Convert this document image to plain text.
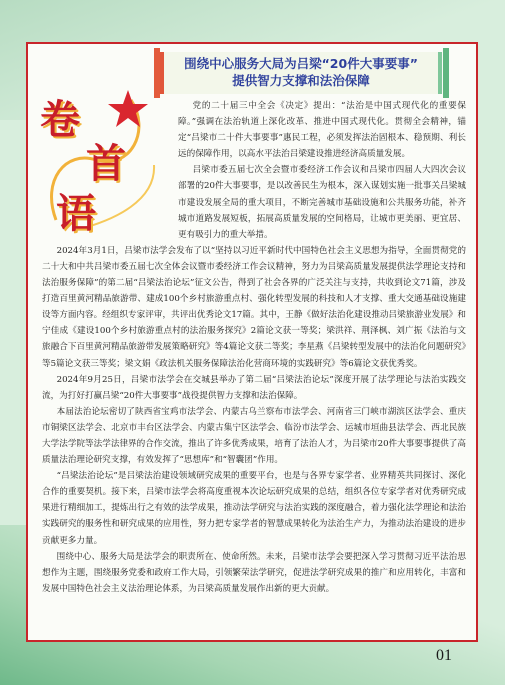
围绕中心服务大局为吕梁“20件大事要事”
提供智力支撑和法治保障
卷
首
语

党的二十届三中全会《决定》提出：“法治是中国式现代化的重要保障。”强调在法治轨道上深化改革、推进中国式现代化。贯彻全会精神，锚定“吕梁市二十件大事要事”惠民工程，必须发挥法治固根本、稳预期、利长远的保障作用，以高水平法治吕梁建设推进经济高质量发展。

吕梁市委五届七次全会暨市委经济工作会议和吕梁市四届人大四次会议部署的20件大事要事，是以改善民生为根本，深入谋划实施一批事关吕梁城市建设发展全局的重大项目，不断完善城市基础设施和公共服务功能，补齐城市道路发展短板，拓展高质量发展的空间格局，让城市更美丽、更宜居、更有吸引力的重大举措。

2024年3月1日，吕梁市法学会发布了以“坚持以习近平新时代中国特色社会主义思想为指导，全面贯彻党的二十大和中共吕梁市委五届七次全体会议暨市委经济工作会议精神，努力为吕梁高质量发展提供法学理论支持和法治服务保障”的第二届“吕梁法治论坛”征文公告，得到了社会各界的广泛关注与支持，共收到论文71篇，涉及打造百里黄河精品旅游带、建成100个乡村旅游重点村、强化转型发展的科技和人才支撑、重大交通基础设施建设等方面内容。经组织专家评审，共评出优秀论文17篇。其中，王静《做好法治化建设推动吕梁旅游业发展》和宁佳成《建设100个乡村旅游重点村的法治服务探究》2篇论文获一等奖；梁洪祥、荆泽枫、刘广振《法治与文旅融合下百里黄河精品旅游带发展策略研究》等4篇论文获二等奖；李星燕《吕梁转型发展中的法治化问题研究》等5篇论文获三等奖；梁文娟《政法机关服务保障法治化营商环境的实践研究》等6篇论文获优秀奖。

2024年9月25日，吕梁市法学会在交城县举办了第二届“吕梁法治论坛”深度开展了法学理论与法治实践交流，为打好打赢吕梁“20件大事要事”战役提供智力支撑和法治保障。

本届法治论坛密切了陕西省宝鸡市法学会、内蒙古乌兰察布市法学会、河南省三门峡市湖滨区法学会、重庆市铜梁区法学会、北京市丰台区法学会、内蒙古集宁区法学会、临汾市法学会、运城市垣曲县法学会、西北民族大学法学院等法学法律界的合作交流，推出了许多优秀成果，培育了法治人才，为吕梁市20件大事要事提供了高质量法治理论研究支撑，有效发挥了“思想库”和“智囊团”作用。

“吕梁法治论坛”是吕梁法治建设领域研究成果的重要平台，也是与各界专家学者、业界精英共同探讨、深化合作的重要契机。接下来，吕梁市法学会将高度重视本次论坛研究成果的总结，组织各位专家学者对优秀研究成果进行精细加工，提炼出行之有效的法学成果，推动法学研究与法治实践的深度融合，着力强化法学理论和法治实践研究的服务性和研究成果的应用性，努力把专家学者的智慧成果转化为法治生产力，为推动法治建设的进步贡献更多力量。

围绕中心、服务大局是法学会的职责所在、使命所然。未来，吕梁市法学会要把深入学习贯彻习近平法治思想作为主题，围绕服务党委和政府工作大局，引领繁荣法学研究，促进法学研究成果的推广和应用转化，丰富和发展中国特色社会主义法治理论体系，为吕梁高质量发展作出新的更大贡献。

01
